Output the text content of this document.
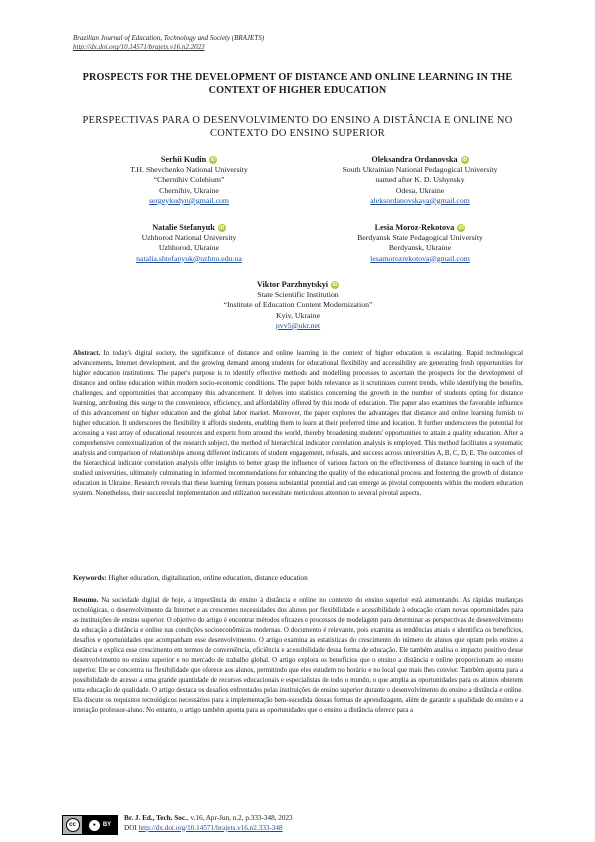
Brazilian Journal of Education, Technology and Society (BRAJETS)
http://dx.doi.org/10.14571/brajets.v16.n2.2023
PROSPECTS FOR THE DEVELOPMENT OF DISTANCE AND ONLINE LEARNING IN THE CONTEXT OF HIGHER EDUCATION
PERSPECTIVAS PARA O DESENVOLVIMENTO DO ENSINO A DISTÂNCIA E ONLINE NO CONTEXTO DO ENSINO SUPERIOR
Serhii Kudin iD
T.H. Shevchenko National University
“Chernihiv Colehium”
Chernihiv, Ukraine
sergeykudyn@gmail.com
Oleksandra Ordanovska iD
South Ukrainian National Pedagogical University
named after K. D. Ushynsky
Odesa, Ukraine
aleksordanovskaya@gmail.com
Natalie Stefanyuk iD
Uzhhorod National University
Uzhhorod, Ukraine
natalia.shtefanyuk@uzhnu.edu.ua
Lesia Moroz-Rekotova iD
Berdyansk State Pedagogical University
Berdyansk, Ukraine
lesamorozrekotova@gmail.com
Viktor Parzhnytskyi iD
State Scientific Institution
“Institute of Education Content Modernization”
Kyiv, Ukraine
pvv5@ukr.net
Abstract. In today's digital society, the significance of distance and online learning in the context of higher education is escalating. Rapid technological advancements, Internet development, and the growing demand among students for educational flexibility and accessibility are generating fresh opportunities for higher education institutions. The paper's purpose is to identify effective methods and modelling processes to ascertain the prospects for the development of distance and online education within modern socio-economic conditions. The paper holds relevance as it scrutinizes current trends, while identifying the benefits, challenges, and opportunities that accompany this advancement. It delves into statistics concerning the growth in the number of students opting for distance learning, attributing this surge to the convenience, efficiency, and affordability offered by this mode of education. The paper also examines the favorable influence of this advancement on higher education and the global labor market. Moreover, the paper explores the advantages that distance and online learning furnish to higher education. It underscores the flexibility it affords students, enabling them to learn at their preferred time and location. It further underscores the potential for accessing a vast array of educational resources and experts from around the world, thereby broadening students' opportunities to attain a quality education. After a comprehensive contextualization of the research subject, the method of hierarchical indicator correlation analysis is employed. This method facilitates a systematic analysis and comparison of relationships among different indicators of student engagement, refusals, and success across universities A, B, C, D, E. The outcomes of the hierarchical indicator correlation analysis offer insights to better grasp the influence of various factors on the effectiveness of distance learning in each of the studied universities, ultimately culminating in informed recommendations for enhancing the quality of the educational process and fostering the growth of distance education in Ukraine. Research reveals that these learning formats possess substantial potential and can emerge as pivotal components within the modern education system. Nonetheless, their successful implementation and utilization necessitate meticulous attention to several pivotal aspects.
Keywords: Higher education, digitalization, online education, distance education
Resumo. Na sociedade digital de hoje, a importância do ensino à distância e online no contexto do ensino superior está aumentando. As rápidas mudanças tecnológicas, o desenvolvimento da Internet e as crescentes necessidades dos alunos por flexibilidade e acessibilidade à educação criam novas oportunidades para as instituições de ensino superior. O objetivo do artigo é encontrar métodos eficazes e processos de modelagem para determinar as perspectivas de desenvolvimento da educação a distância e online nas condições socioeconômicas modernas. O documento é relevante, pois examina as tendências atuais e identifica os benefícios, desafios e oportunidades que acompanham esse desenvolvimento. O artigo examina as estatísticas do crescimento do número de alunos que optam pelo ensino a distância e explica esse crescimento em termos de conveniência, eficiência e acessibilidade dessa forma de educação. Ele também analisa o impacto positivo desse desenvolvimento no ensino superior e no mercado de trabalho global. O artigo explora os benefícios que o ensino a distância e online proporcionam ao ensino superior. Ele se concentra na flexibilidade que oferece aos alunos, permitindo que eles estudem no horário e no local que mais lhes convier. Também aponta para a possibilidade de acesso a uma grande quantidade de recursos educacionais e especialistas de todo o mundo, o que amplia as oportunidades para os alunos obterem uma educação de qualidade. O artigo destaca os desafios enfrentados pelas instituições de ensino superior durante o desenvolvimento do ensino a distância e online. Ela discute os requisitos tecnológicos necessários para a implementação bem-sucedida dessas formas de aprendizagem, além de garantir a qualidade do ensino e a interação professor-aluno. No entanto, o artigo também aponta para as oportunidades que o ensino a distância oferece para a
cc	●	BY
Br. J. Ed., Tech. Soc., v.16, Apr-Jun, n.2, p.333-348, 2023
DOI http://dx.doi.org/10.14571/brajets.v16.n2.333-348
